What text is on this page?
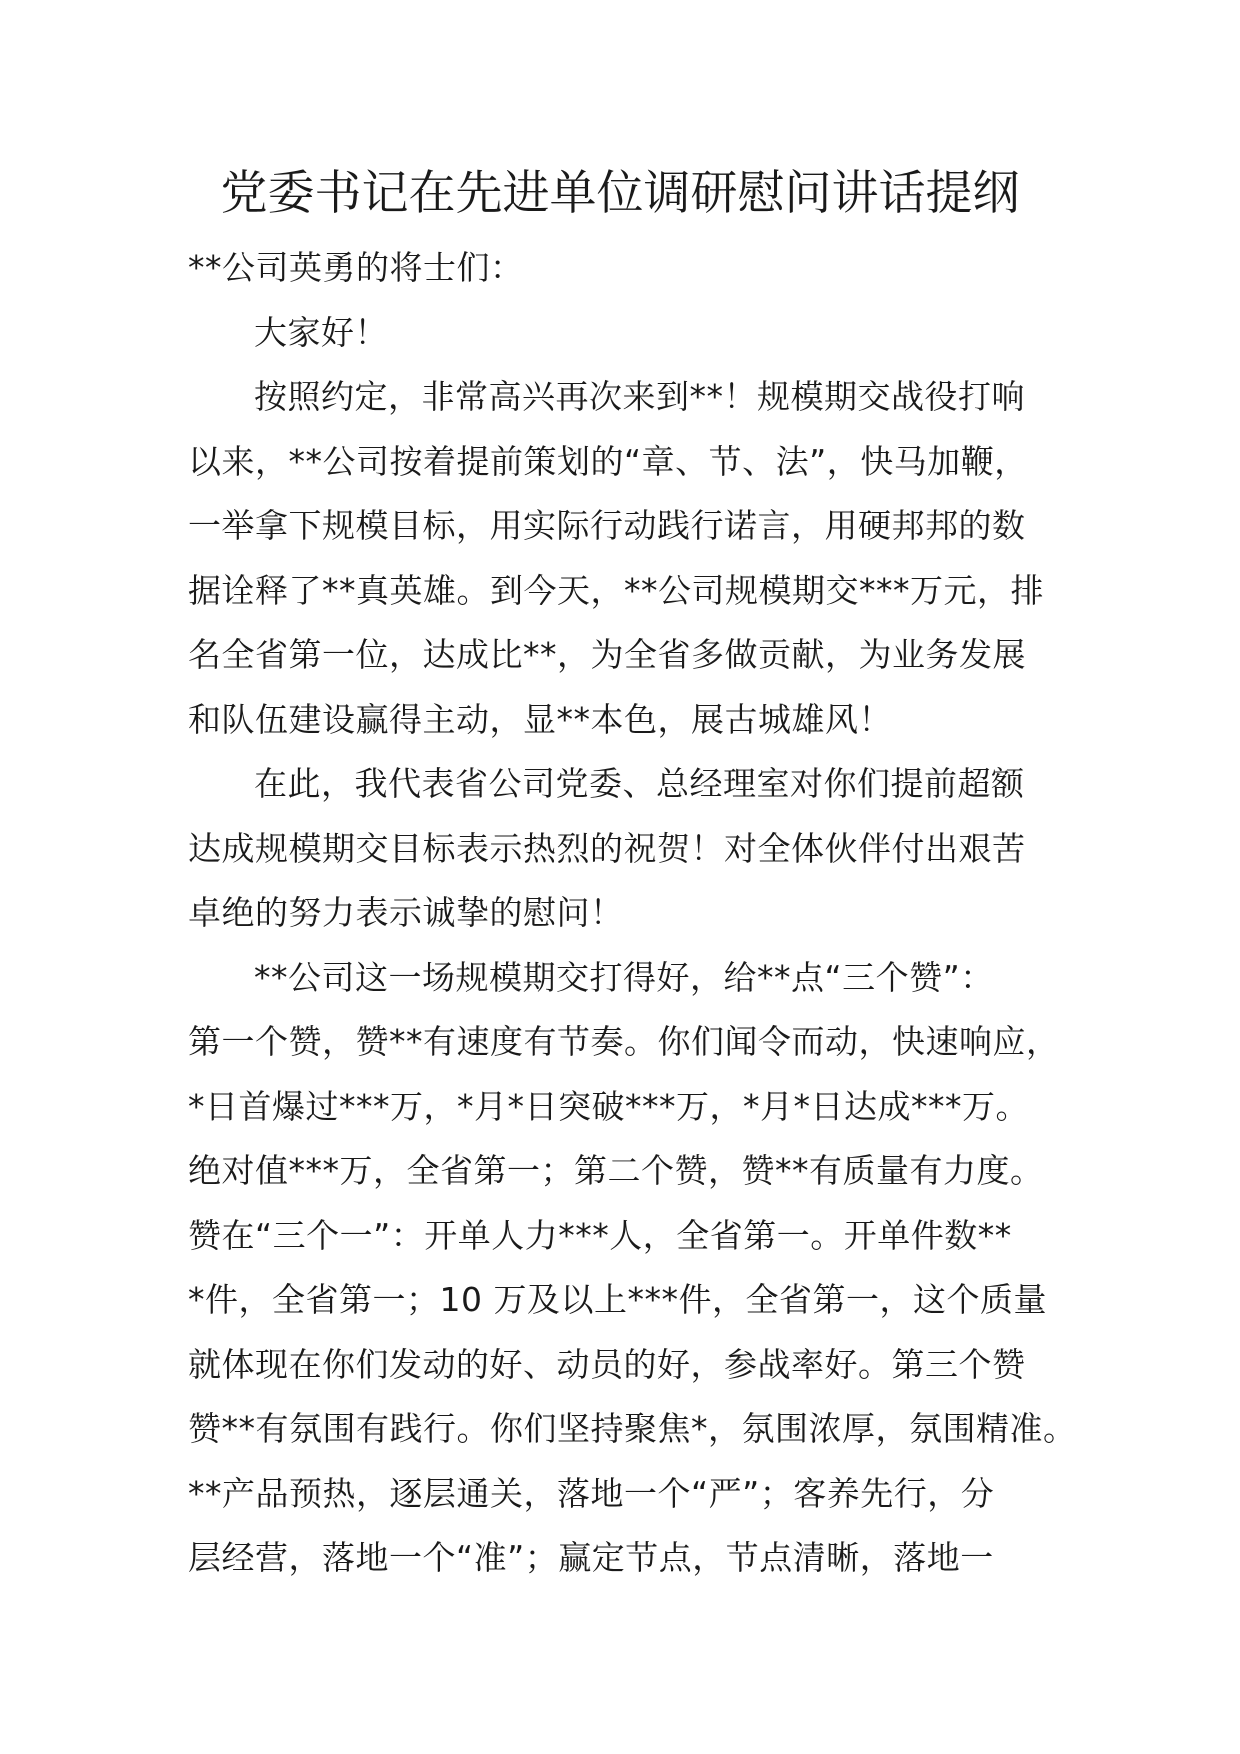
党委书记在先进单位调研慰问讲话提纲
**公司英勇的将士们：
大家好！
按照约定，非常高兴再次来到**！规模期交战役打响
以来，**公司按着提前策划的“章、节、法”，快马加鞭，
一举拿下规模目标，用实际行动践行诺言，用硬邦邦的数
据诠释了**真英雄。到今天，**公司规模期交***万元，排
名全省第一位，达成比**，为全省多做贡献，为业务发展
和队伍建设赢得主动，显**本色，展古城雄风！
在此，我代表省公司党委、总经理室对你们提前超额
达成规模期交目标表示热烈的祝贺！对全体伙伴付出艰苦
卓绝的努力表示诚挚的慰问！
**公司这一场规模期交打得好，给**点“三个赞”：
第一个赞，赞**有速度有节奏。你们闻令而动，快速响应，
*日首爆过***万，*月*日突破***万，*月*日达成***万。
绝对值***万，全省第一；第二个赞，赞**有质量有力度。
赞在“三个一”：开单人力***人，全省第一。开单件数**
*件，全省第一；10 万及以上***件，全省第一，这个质量
就体现在你们发动的好、动员的好，参战率好。第三个赞
赞**有氛围有践行。你们坚持聚焦*，氛围浓厚，氛围精准。
**产品预热，逐层通关，落地一个“严”；客养先行，分
层经营，落地一个“准”；赢定节点，节点清晰，落地一
